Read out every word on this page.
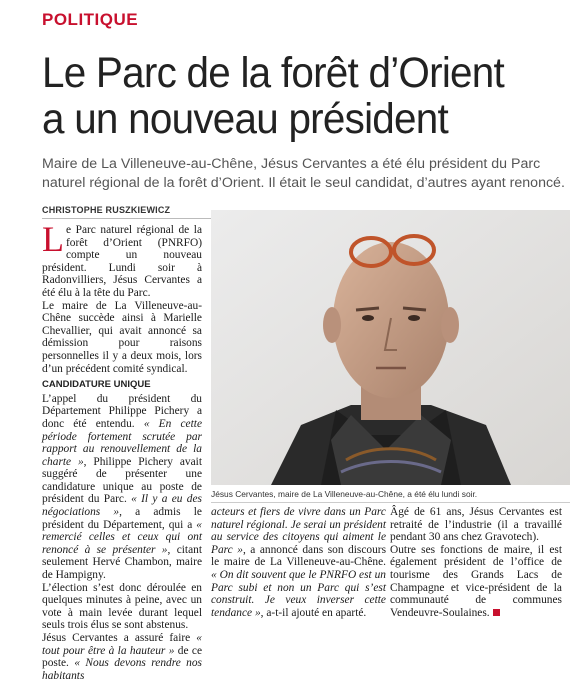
POLITIQUE
Le Parc de la forêt d’Orient a un nouveau président
Maire de La Villeneuve-au-Chêne, Jésus Cervantes a été élu président du Parc naturel régional de la forêt d’Orient. Il était le seul candidat, d’autres ayant renoncé.
CHRISTOPHE RUSZKIEWICZ

Le Parc naturel régional de la forêt d’Orient (PNRFO) compte un nouveau président. Lundi soir à Radonvilliers, Jésus Cervantes a été élu à la tête du Parc.

Le maire de La Villeneuve-au-Chêne succède ainsi à Marielle Chevallier, qui avait annoncé sa démission pour raisons personnelles il y a deux mois, lors d’un précédent comité syndical.

CANDIDATURE UNIQUE

L’appel du président du Département Philippe Pichery a donc été entendu. « En cette période fortement scrutée par rapport au renouvellement de la charte », Philippe Pichery avait suggéré de présenter une candidature unique au poste de président du Parc. « Il y a eu des négociations », a admis le président du Département, qui a « remercié celles et ceux qui ont renoncé à se présenter », citant seulement Hervé Chambon, maire de Hampigny.

L’élection s’est donc déroulée en quelques minutes à peine, avec un vote à main levée durant lequel seuls trois élus se sont abstenus.

Jésus Cervantes a assuré faire « tout pour être à la hauteur » de ce poste. « Nous devons rendre nos habitants

Jésus Cervantes, maire de La Villeneuve-au-Chêne, a été élu lundi soir.
acteurs et fiers de vivre dans un Parc naturel régional. Je serai un président au service des citoyens qui aiment le Parc », a annoncé dans son discours le maire de La Villeneuve-au-Chêne. « On dit souvent que le PNRFO est un Parc subi et non un Parc qui s’est construit. Je veux inverser cette tendance », a-t-il ajouté en aparté.
Âgé de 61 ans, Jésus Cervantes est retraité de l’industrie (il a travaillé pendant 30 ans chez Gravotech).
Outre ses fonctions de maire, il est également président de l’office de tourisme des Grands Lacs de Champagne et vice-président de la communauté de communes Vendeuvre-Soulaines.
